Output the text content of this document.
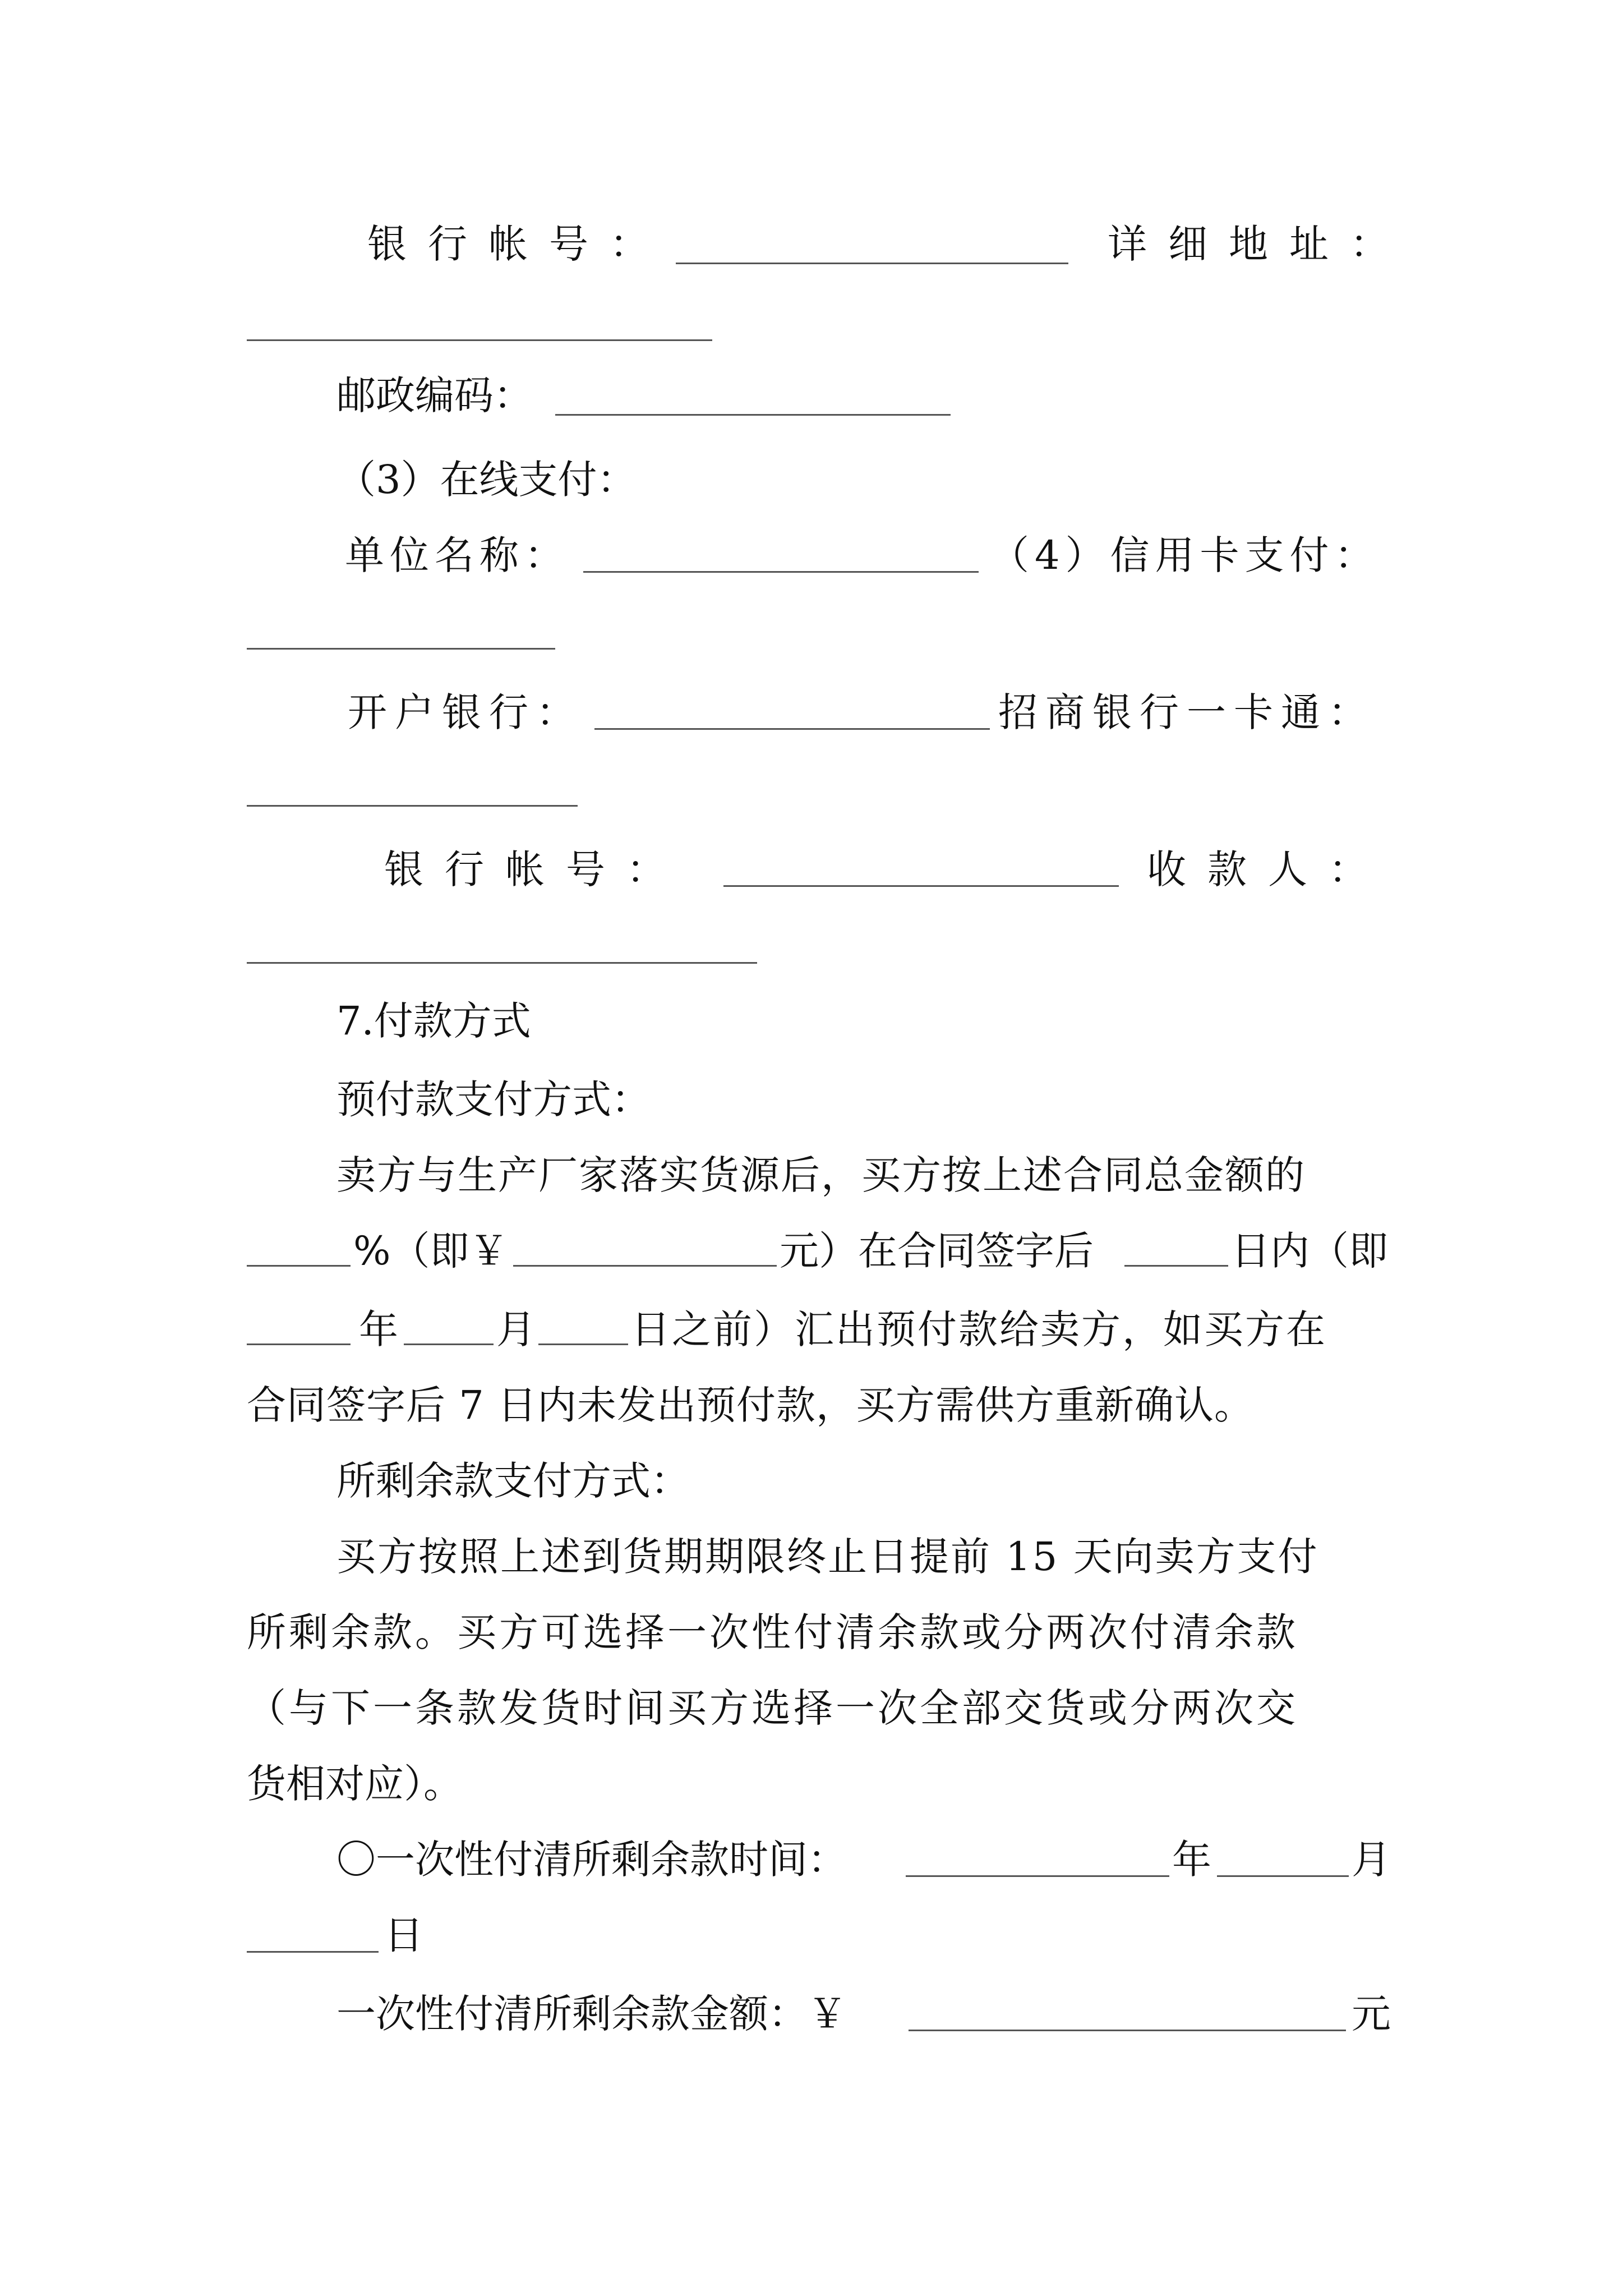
银行帐号：	详细地址：
邮政编码：
（3）在线支付：
单位名称：	（4）信用卡支付：
开户银行：	招商银行一卡通：
银行帐号：	收款人：
7.付款方式
预付款支付方式：
卖方与生产厂家落实货源后，买方按上述合同总金额的
%（即￥	元）在合同签字后	日内（即
年	月 日之前）汇出预付款给卖方，如买方在
合同签字后 7 日内未发出预付款，买方需供方重新确认。
所剩余款支付方式：
买方按照上述到货期期限终止日提前 15 天向卖方支付
所剩余款。买方可选择一次性付清余款或分两次付清余款
（与下一条款发货时间买方选择一次全部交货或分两次交
货相对应）。
〇一次性付清所剩余款时间：	年	月
日
一次性付清所剩余款金额：￥	元
